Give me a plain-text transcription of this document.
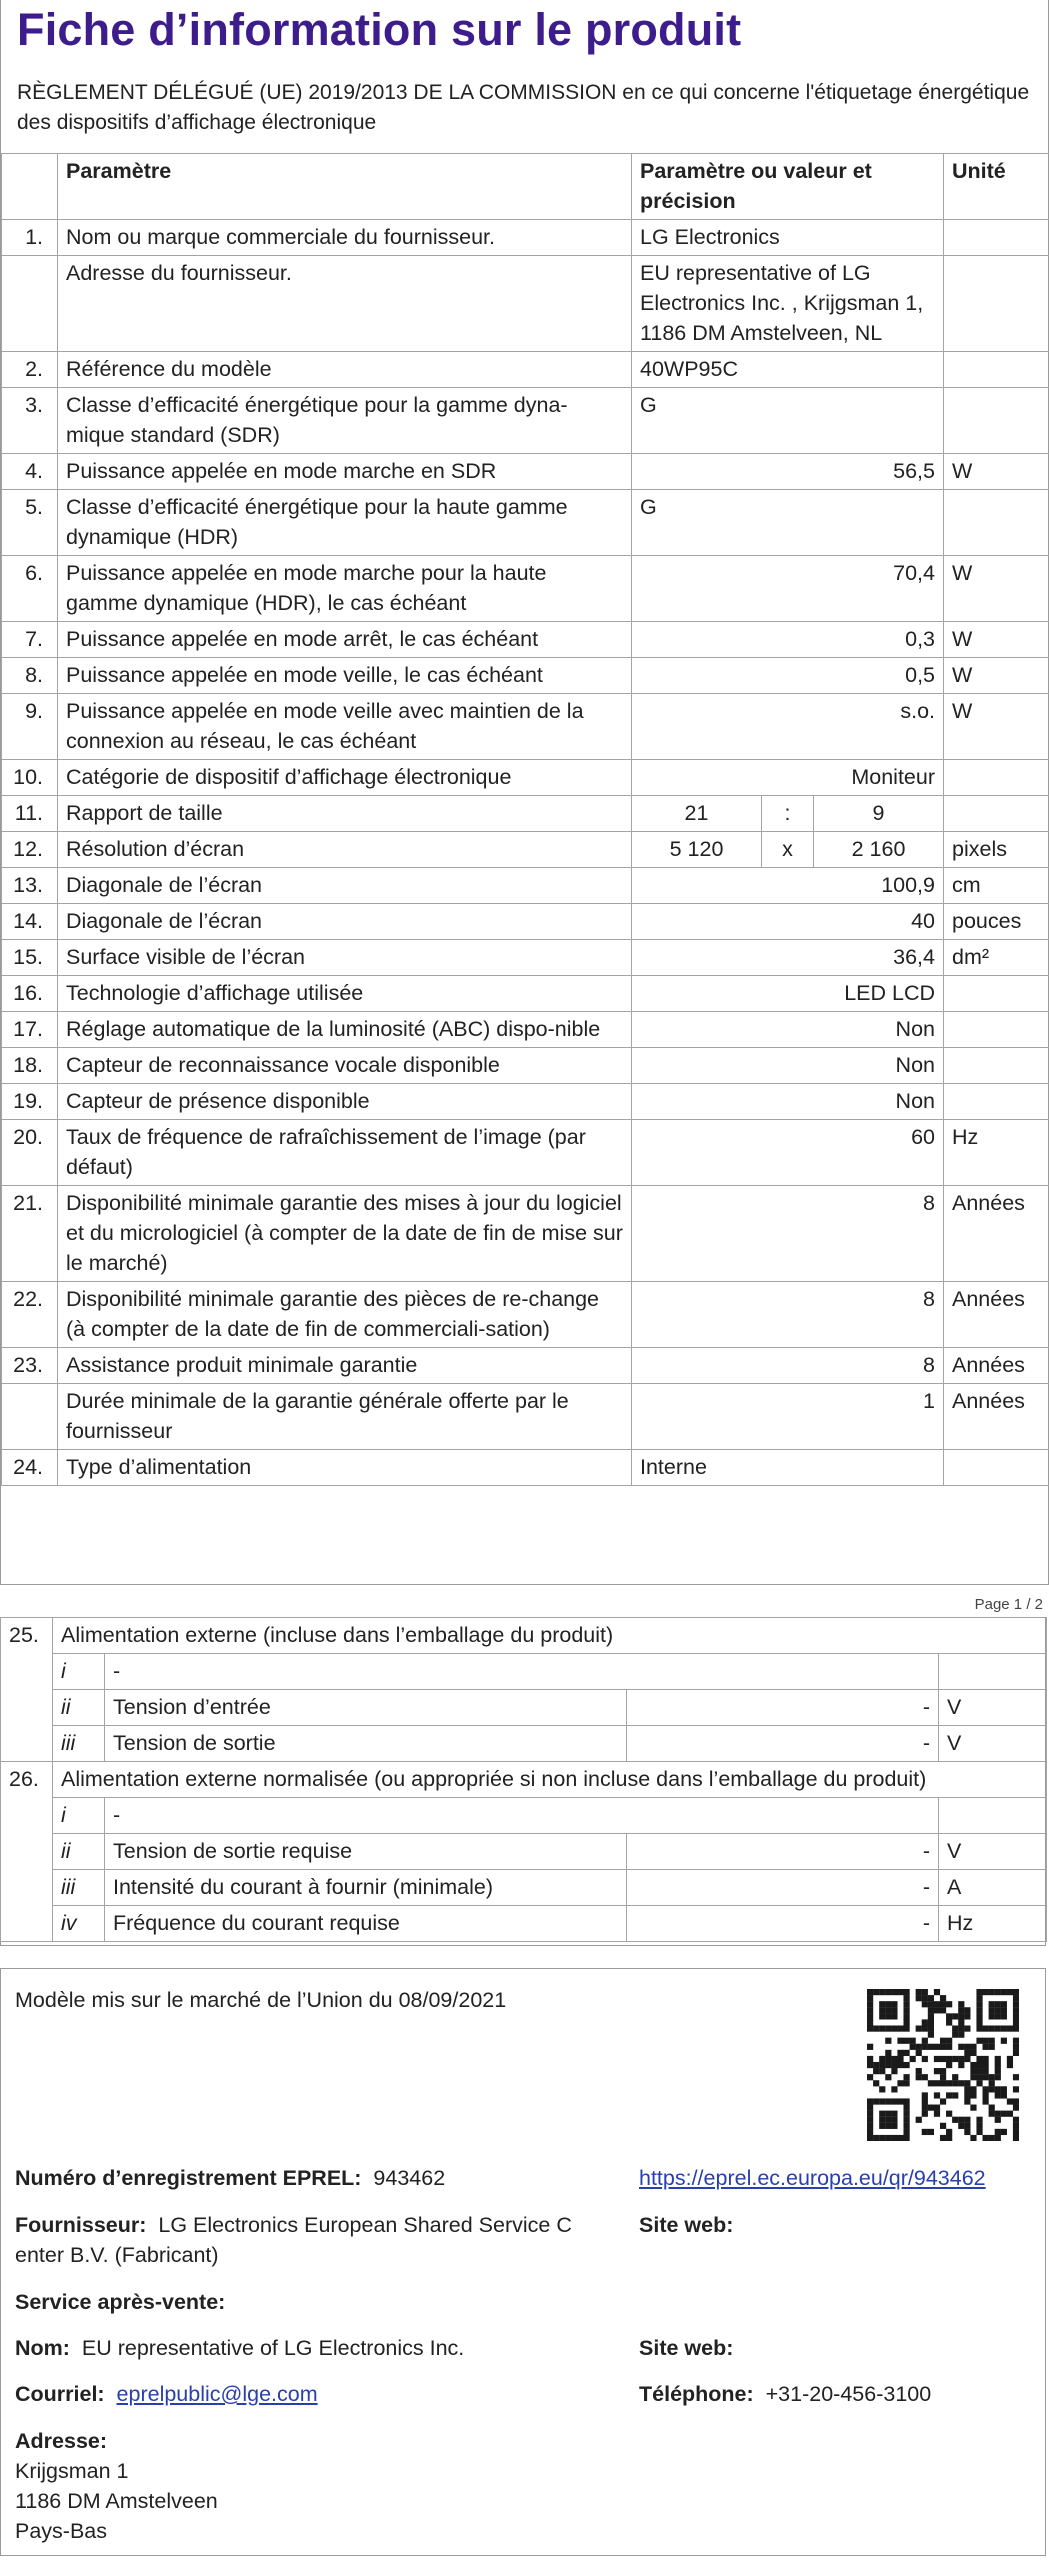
Fiche d’information sur le produit
RÈGLEMENT DÉLÉGUÉ (UE) 2019/2013 DE LA COMMISSION en ce qui concerne l'étiquetage énergétique des dispositifs d’affichage électronique
	Paramètre	Paramètre ou valeur et précision			Unité
1.	Nom ou marque commerciale du fournisseur.	LG Electronics			
	Adresse du fournisseur.	EU representative of LG Electronics Inc. , Krijgsman 1, 1186 DM Amstelveen, NL			
2.	Référence du modèle	40WP95C			
3.	Classe d’efficacité énergétique pour la gamme dyna-mique standard (SDR)	G			
4.	Puissance appelée en mode marche en SDR	56,5			W
5.	Classe d’efficacité énergétique pour la haute gamme dynamique (HDR)	G			
6.	Puissance appelée en mode marche pour la haute gamme dynamique (HDR), le cas échéant	70,4			W
7.	Puissance appelée en mode arrêt, le cas échéant	0,3			W
8.	Puissance appelée en mode veille, le cas échéant	0,5			W
9.	Puissance appelée en mode veille avec maintien de la connexion au réseau, le cas échéant	s.o.			W
10.	Catégorie de dispositif d’affichage électronique	Moniteur			
11.	Rapport de taille	21	:	9	
12.	Résolution d’écran	5 120	x	2 160	pixels
13.	Diagonale de l’écran	100,9			cm
14.	Diagonale de l’écran	40			pouces
15.	Surface visible de l’écran	36,4			dm²
16.	Technologie d’affichage utilisée	LED LCD			
17.	Réglage automatique de la luminosité (ABC) dispo-nible	Non			
18.	Capteur de reconnaissance vocale disponible	Non			
19.	Capteur de présence disponible	Non			
20.	Taux de fréquence de rafraîchissement de l’image (par défaut)	60			Hz
21.	Disponibilité minimale garantie des mises à jour du logiciel et du micrologiciel (à compter de la date de fin de mise sur le marché)	8			Années
22.	Disponibilité minimale garantie des pièces de re-change (à compter de la date de fin de commerciali-sation)	8			Années
23.	Assistance produit minimale garantie	8			Années
	Durée minimale de la garantie générale offerte par le fournisseur	1			Années
24.	Type d’alimentation	Interne			
Page 1 / 2
25.	Alimentation externe (incluse dans l’emballage du produit)			
	i	-		
	ii	Tension d’entrée	-	V
	iii	Tension de sortie	-	V
26.	Alimentation externe normalisée (ou appropriée si non incluse dans l’emballage du produit)			
	i	-		
	ii	Tension de sortie requise	-	V
	iii	Intensité du courant à fournir (minimale)	-	A
	iv	Fréquence du courant requise	-	Hz
Modèle mis sur le marché de l’Union du 08/09/2021
Numéro d’enregistrement EPREL: 943462	https://eprel.ec.europa.eu/qr/943462
Fournisseur: LG Electronics European Shared Service C
enter B.V. (Fabricant)
Site web:
Service après-vente:
Nom: EU representative of LG Electronics Inc.	Site web:
Courriel: eprelpublic@lge.com	Téléphone: +31-20-456-3100
Adresse:
Krijgsman 1
1186 DM Amstelveen
Pays-Bas
